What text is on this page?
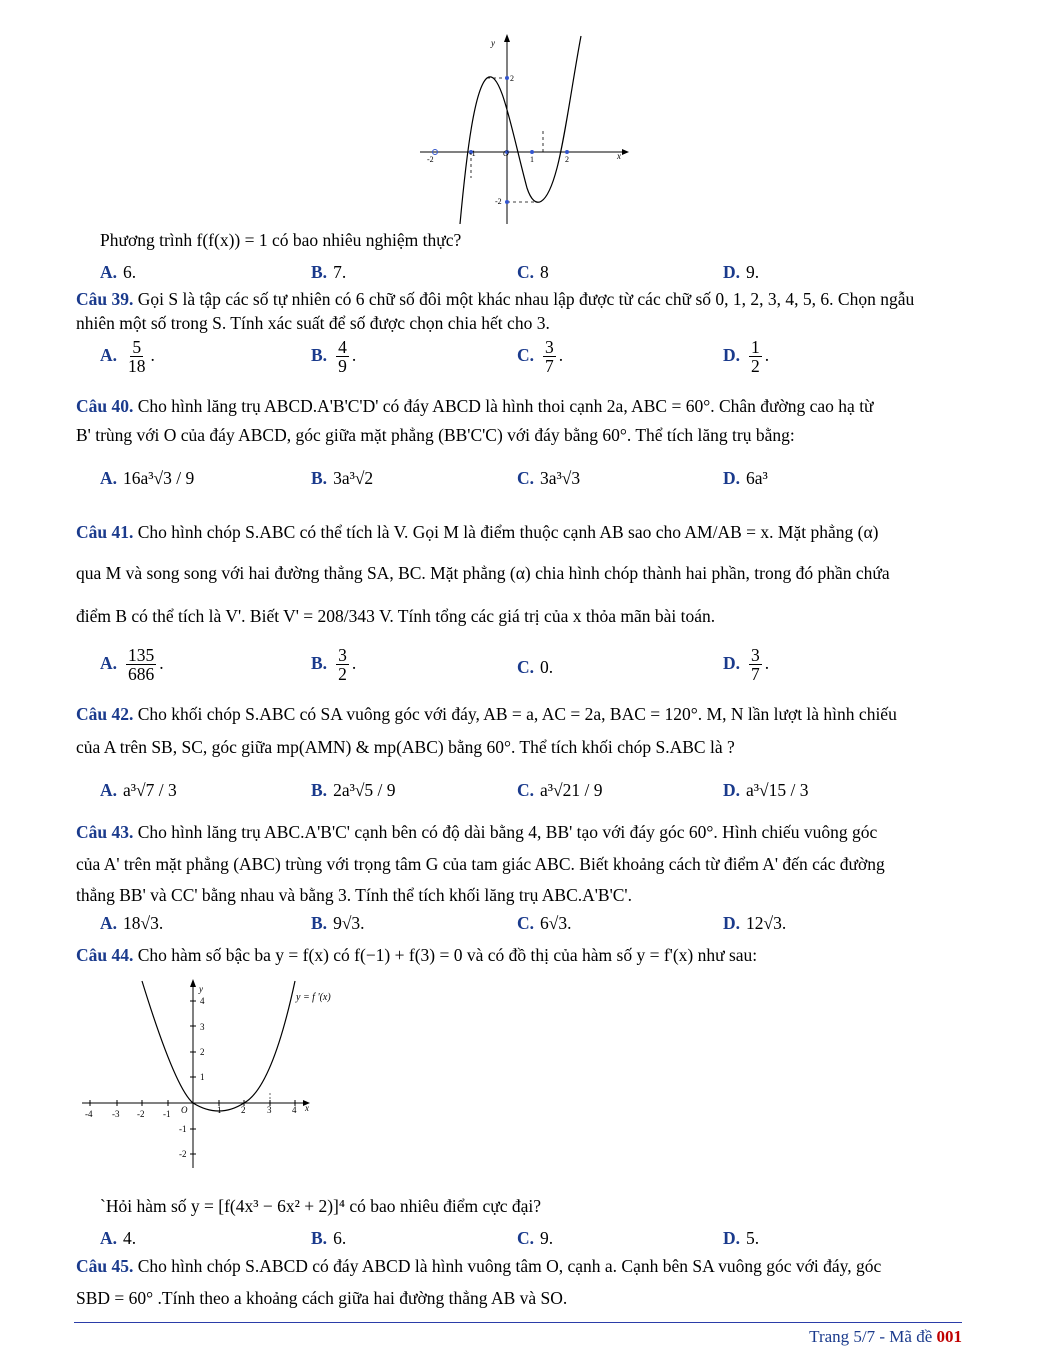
y
x
-2
-1	O
1	2
2
-2
Phương trình f(f(x)) = 1 có bao nhiêu nghiệm thực?
A. 6.	B. 7.	C. 8	D. 9.
Câu 39. Gọi S là tập các số tự nhiên có 6 chữ số đôi một khác nhau lập được từ các chữ số 0, 1, 2, 3, 4, 5, 6. Chọn ngẫu
nhiên một số trong S. Tính xác suất để số được chọn chia hết cho 3.
A. $\frac{5}{18}$ .	B. $\frac{4}{9}$ .	C. $\frac{3}{7}$ .	D. $\frac{1}{2}$ .
Câu 40. Cho hình lăng trụ ABCD.A'B'C'D' có đáy ABCD là hình thoi cạnh 2a, ABC = 60°. Chân đường cao hạ từ
B' trùng với O của đáy ABCD, góc giữa mặt phẳng (BB'C'C) với đáy bằng 60°. Thể tích lăng trụ bằng:
A. 16a³√3 / 9	B. 3a³√2	C. 3a³√3	D. 6a³
Câu 41. Cho hình chóp S.ABC có thể tích là V. Gọi M là điểm thuộc cạnh AB sao cho AM/AB = x. Mặt phẳng (α)
qua M và song song với hai đường thẳng SA, BC. Mặt phẳng (α) chia hình chóp thành hai phần, trong đó phần chứa
điểm B có thể tích là V'. Biết V' = 208/343 V. Tính tổng các giá trị của x thỏa mãn bài toán.
A. $\frac{135}{686}$ .	B. $\frac{3}{2}$ .	C. 0.	D. $\frac{3}{7}$ .
Câu 42. Cho khối chóp S.ABC có SA vuông góc với đáy, AB = a, AC = 2a, BAC = 120°. M, N lần lượt là hình chiếu
của A trên SB, SC, góc giữa mp(AMN) & mp(ABC) bằng 60°. Thể tích khối chóp S.ABC là ?
A. a³√7 / 3	B. 2a³√5 / 9	C. a³√21 / 9	D. a³√15 / 3
Câu 43. Cho hình lăng trụ ABC.A'B'C' cạnh bên có độ dài bằng 4, BB' tạo với đáy góc 60°. Hình chiếu vuông góc
của A' trên mặt phẳng (ABC) trùng với trọng tâm G của tam giác ABC. Biết khoảng cách từ điểm A' đến các đường
thẳng BB' và CC' bằng nhau và bằng 3. Tính thể tích khối lăng trụ ABC.A'B'C'.
A. 18√3.	B. 9√3.	C. 6√3.	D. 12√3.
Câu 44. Cho hàm số bậc ba y = f(x) có f(−1) + f(3) = 0 và có đồ thị của hàm số y = f'(x) như sau:
y
x
y = f '(x)
-4 -3 -2 -1 O	1 2 3 4
4
3
2
1
-1
-2
`Hỏi hàm số y = [f(4x³ − 6x² + 2)]⁴ có bao nhiêu điểm cực đại?
A. 4.	B. 6.	C. 9.	D. 5.
Câu 45. Cho hình chóp S.ABCD có đáy ABCD là hình vuông tâm O, cạnh a. Cạnh bên SA vuông góc với đáy, góc
SBD = 60° .Tính theo a khoảng cách giữa hai đường thẳng AB và SO.
Trang 5/7 - Mã đề 001
